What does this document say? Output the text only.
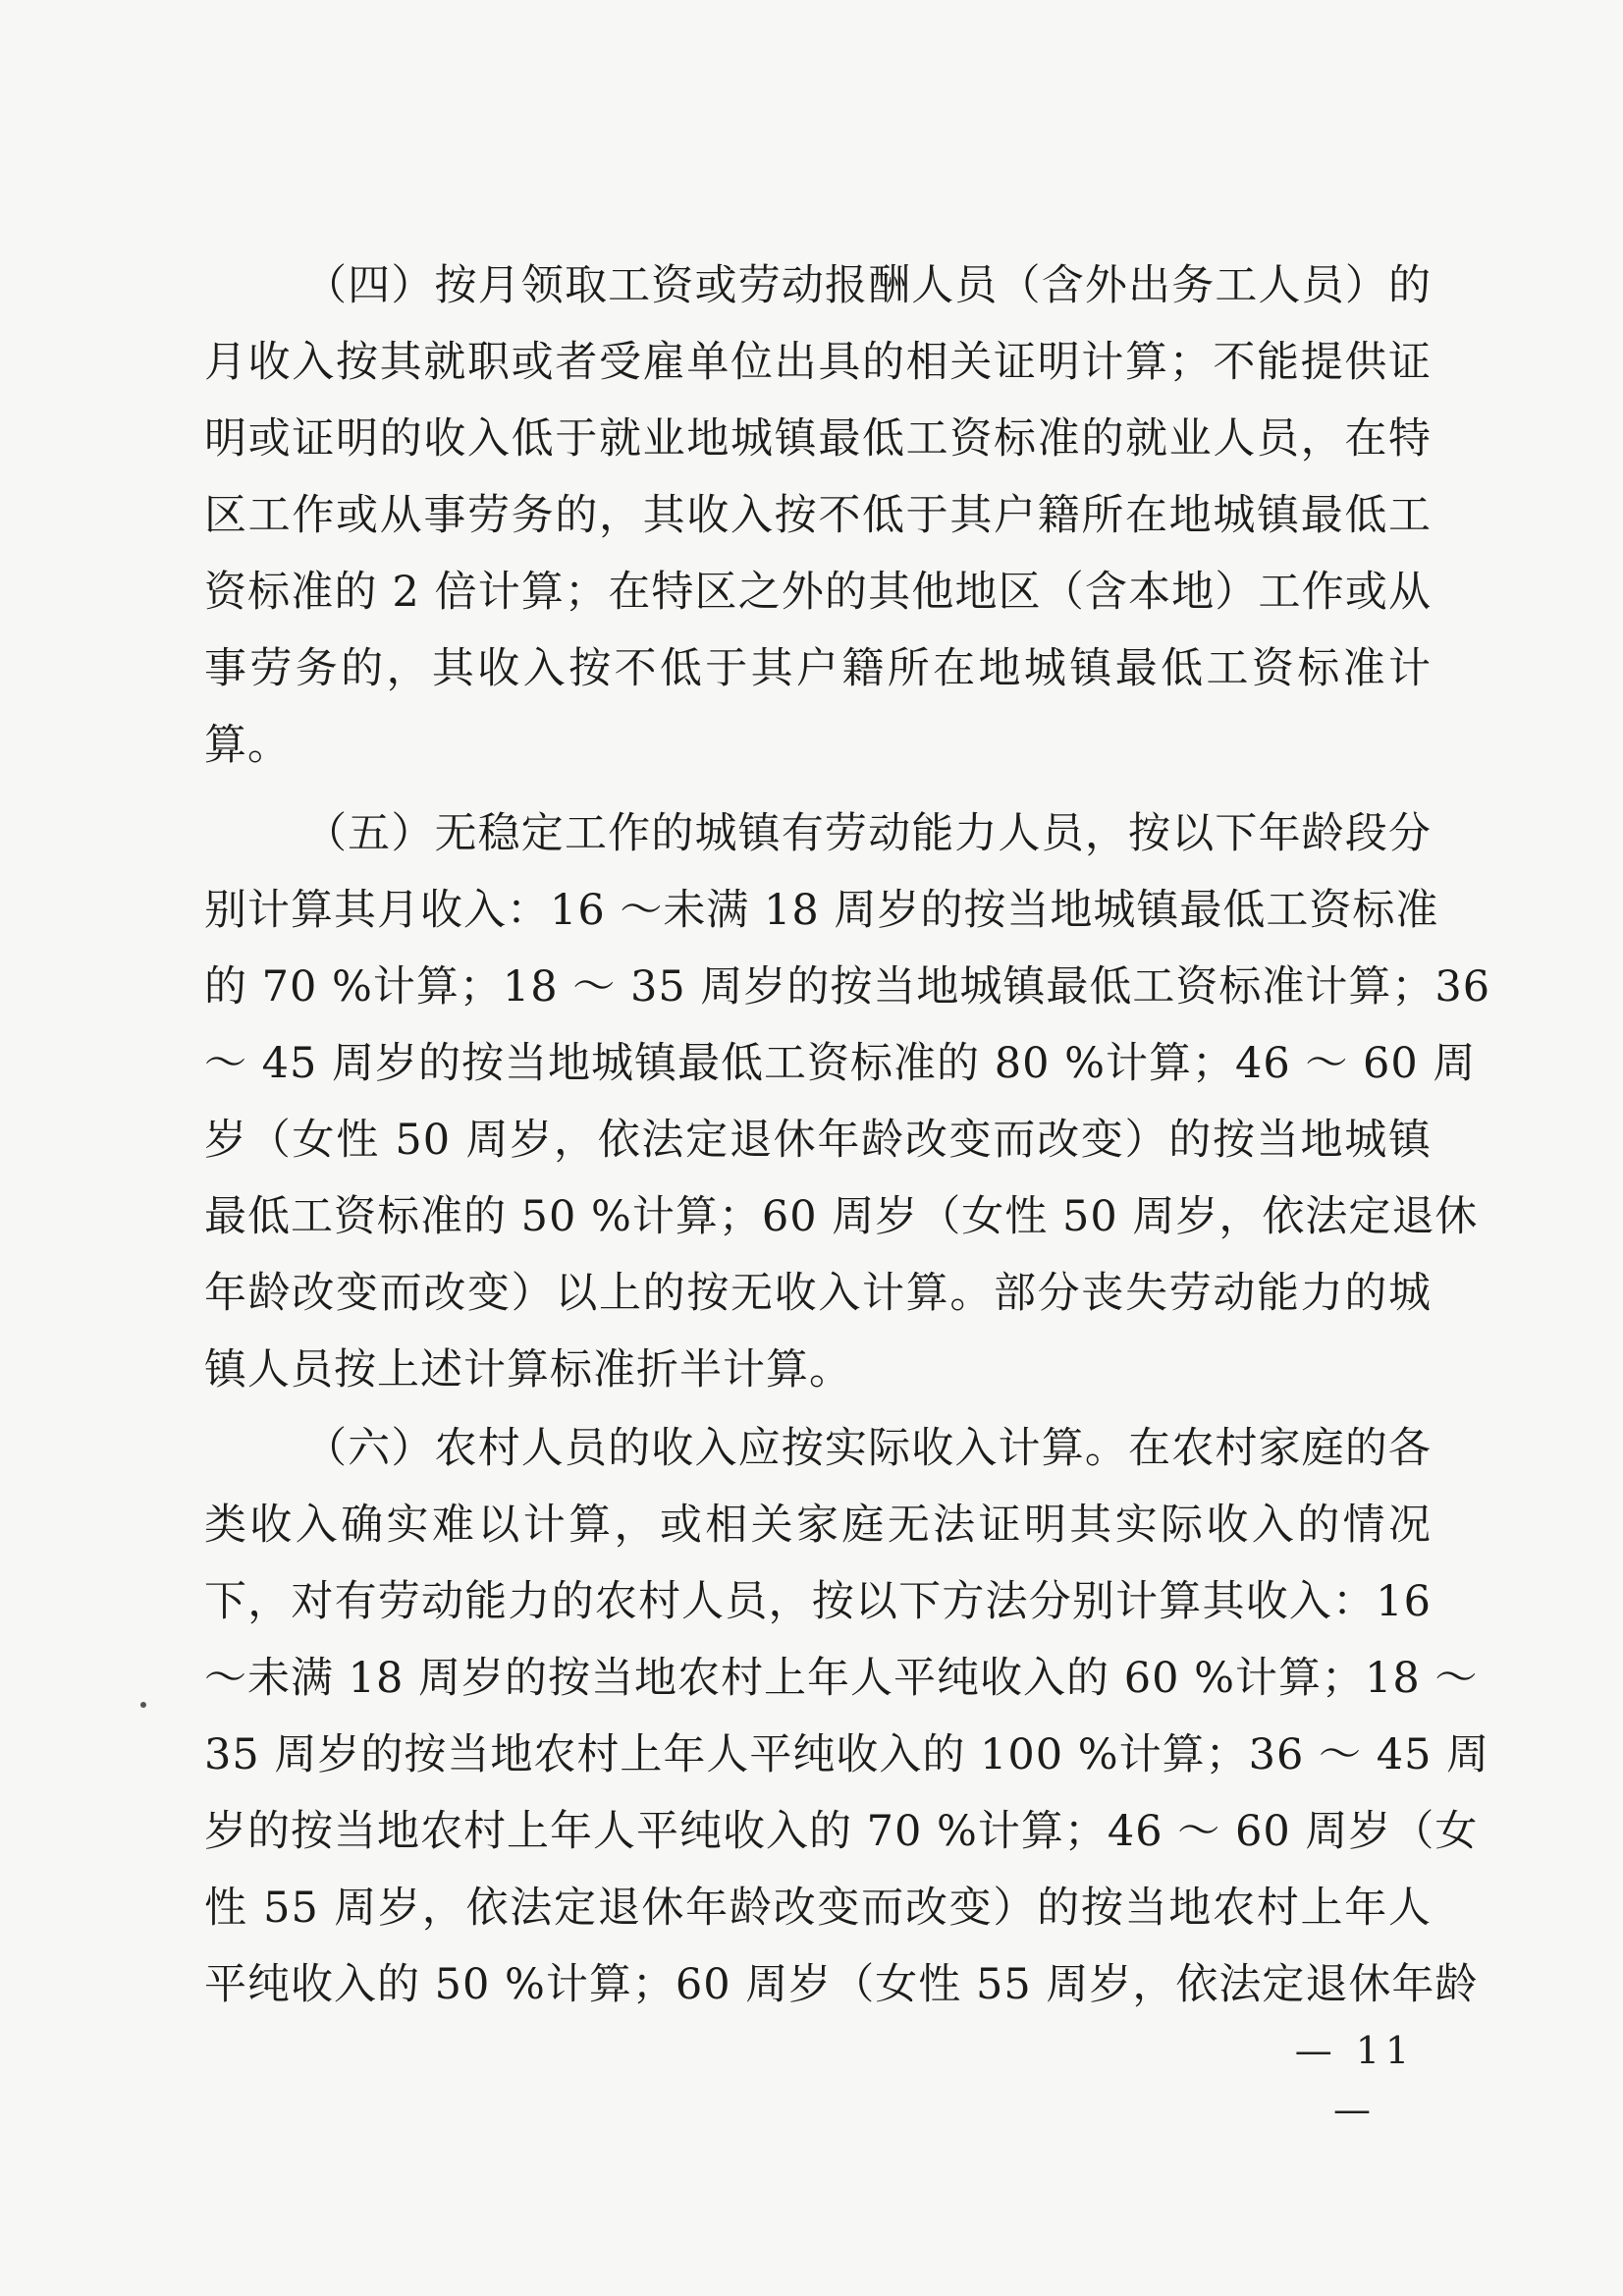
（四）按月领取工资或劳动报酬人员（含外出务工人员）的
月收入按其就职或者受雇单位出具的相关证明计算；不能提供证
明或证明的收入低于就业地城镇最低工资标准的就业人员，在特
区工作或从事劳务的，其收入按不低于其户籍所在地城镇最低工
资标准的 2 倍计算；在特区之外的其他地区（含本地）工作或从
事劳务的，其收入按不低于其户籍所在地城镇最低工资标准计
算。
（五）无稳定工作的城镇有劳动能力人员，按以下年龄段分
别计算其月收入：16 ～未满 18 周岁的按当地城镇最低工资标准
的 70 %计算；18 ～ 35 周岁的按当地城镇最低工资标准计算；36
～ 45 周岁的按当地城镇最低工资标准的 80 %计算；46 ～ 60 周
岁（女性 50 周岁，依法定退休年龄改变而改变）的按当地城镇
最低工资标准的 50 %计算；60 周岁（女性 50 周岁，依法定退休
年龄改变而改变）以上的按无收入计算。部分丧失劳动能力的城
镇人员按上述计算标准折半计算。
（六）农村人员的收入应按实际收入计算。在农村家庭的各
类收入确实难以计算，或相关家庭无法证明其实际收入的情况
下，对有劳动能力的农村人员，按以下方法分别计算其收入：16
～未满 18 周岁的按当地农村上年人平纯收入的 60 %计算；18 ～
35 周岁的按当地农村上年人平纯收入的 100 %计算；36 ～ 45 周
岁的按当地农村上年人平纯收入的 70 %计算；46 ～ 60 周岁（女
性 55 周岁，依法定退休年龄改变而改变）的按当地农村上年人
平纯收入的 50 %计算；60 周岁（女性 55 周岁，依法定退休年龄
— 11 —
